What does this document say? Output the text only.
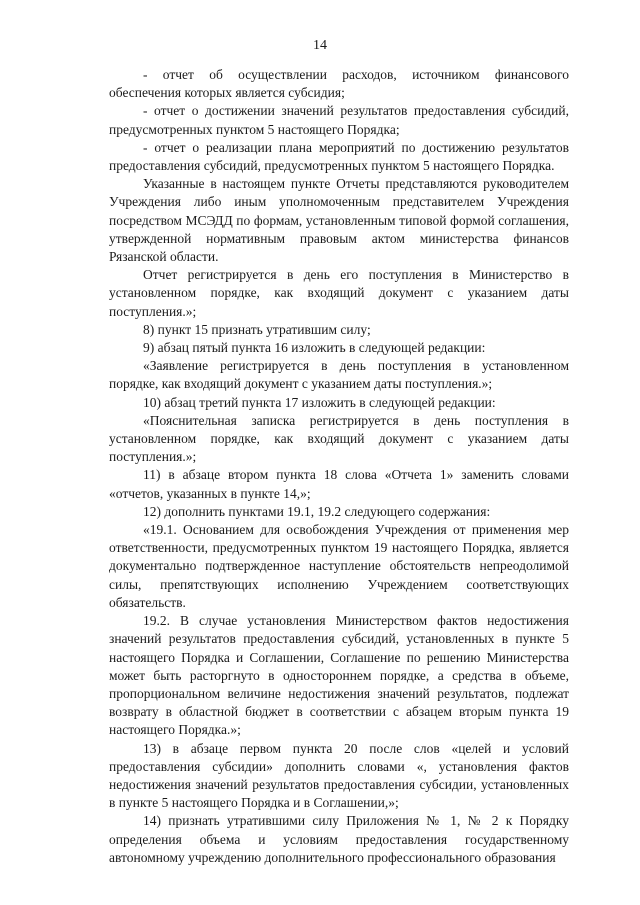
14

- отчет об осуществлении расходов, источником финансового обеспечения которых является субсидия;

- отчет о достижении значений результатов предоставления субсидий, предусмотренных пунктом 5 настоящего Порядка;

- отчет о реализации плана мероприятий по достижению результатов предоставления субсидий, предусмотренных пунктом 5 настоящего Порядка.

Указанные в настоящем пункте Отчеты представляются руководителем Учреждения либо иным уполномоченным представителем Учреждения посредством МСЭДД по формам, установленным типовой формой соглашения, утвержденной нормативным правовым актом министерства финансов Рязанской области.

Отчет регистрируется в день его поступления в Министерство в установленном порядке, как входящий документ с указанием даты поступления.»;

8) пункт 15 признать утратившим силу;

9) абзац пятый пункта 16 изложить в следующей редакции:

«Заявление регистрируется в день поступления в установленном порядке, как входящий документ с указанием даты поступления.»;

10) абзац третий пункта 17 изложить в следующей редакции:

«Пояснительная записка регистрируется в день поступления в установленном порядке, как входящий документ с указанием даты поступления.»;

11) в абзаце втором пункта 18 слова «Отчета 1» заменить словами «отчетов, указанных в пункте 14,»;

12) дополнить пунктами 19.1, 19.2 следующего содержания:

«19.1. Основанием для освобождения Учреждения от применения мер ответственности, предусмотренных пунктом 19 настоящего Порядка, является документально подтвержденное наступление обстоятельств непреодолимой силы, препятствующих исполнению Учреждением соответствующих обязательств.

19.2. В случае установления Министерством фактов недостижения значений результатов предоставления субсидий, установленных в пункте 5 настоящего Порядка и Соглашении, Соглашение по решению Министерства может быть расторгнуто в одностороннем порядке, а средства в объеме, пропорциональном величине недостижения значений результатов, подлежат возврату в областной бюджет в соответствии с абзацем вторым пункта 19 настоящего Порядка.»;

13) в абзаце первом пункта 20 после слов «целей и условий предоставления субсидии» дополнить словами «, установления фактов недостижения значений результатов предоставления субсидии, установленных в пункте 5 настоящего Порядка и в Соглашении,»;

14) признать утратившими силу Приложения № 1, № 2 к Порядку определения объема и условиям предоставления государственному автономному учреждению дополнительного профессионального образования
